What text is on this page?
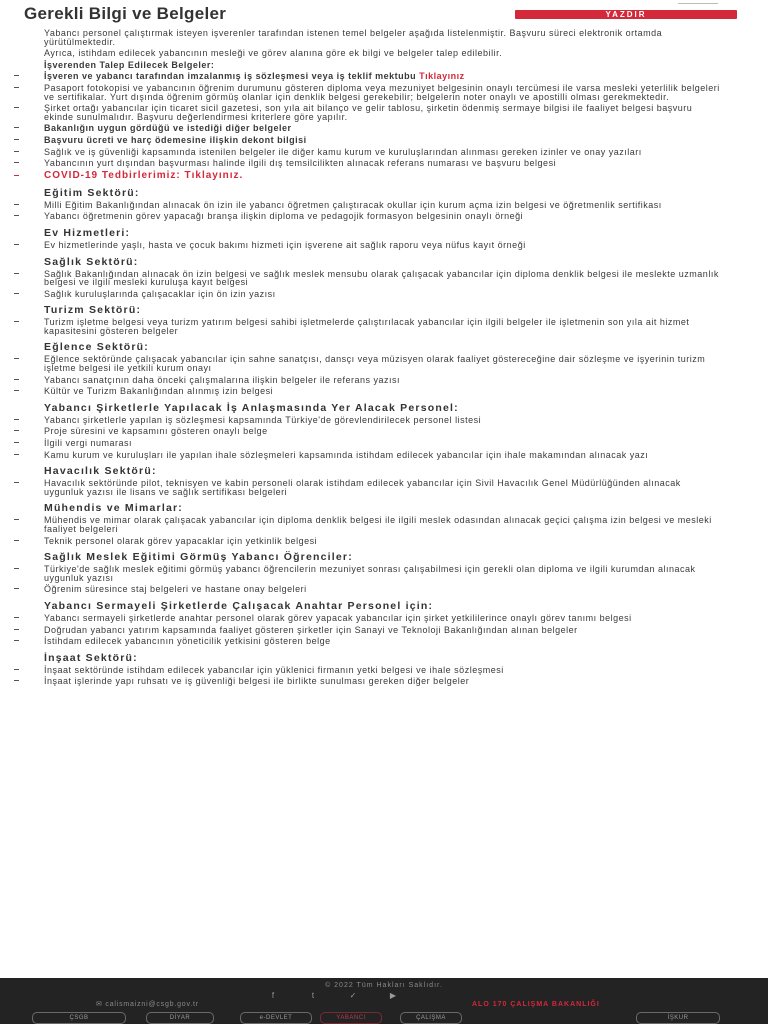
Gerekli Bilgi ve Belgeler	YAZDIR
Yabancı personel çalıştırmak isteyen işverenler tarafından istenen temel belgeler aşağıda listelenmiştir. Başvuru süreci elektronik ortamda yürütülmektedir.
Ayrıca, istihdam edilecek yabancının mesleği ve görev alanına göre ek bilgi ve belgeler talep edilebilir.
İşverenden Talep Edilecek Belgeler:
İşveren ve yabancı tarafından imzalanmış iş sözleşmesi veya iş teklif mektubu Tıklayınız
Pasaport fotokopisi ve yabancının öğrenim durumunu gösteren diploma veya mezuniyet belgesinin onaylı tercümesi ile varsa mesleki yeterlilik belgeleri ve sertifikalar. Yurt dışında öğrenim görmüş olanlar için denklik belgesi gerekebilir; belgelerin noter onaylı ve apostilli olması gerekmektedir.
Şirket ortağı yabancılar için ticaret sicil gazetesi, son yıla ait bilanço ve gelir tablosu, şirketin ödenmiş sermaye bilgisi ile faaliyet belgesi başvuru ekinde sunulmalıdır. Başvuru değerlendirmesi kriterlere göre yapılır.
Bakanlığın uygun gördüğü ve istediği diğer belgeler
Başvuru ücreti ve harç ödemesine ilişkin dekont bilgisi
Sağlık ve iş güvenliği kapsamında istenilen belgeler ile diğer kamu kurum ve kuruluşlarından alınması gereken izinler ve onay yazıları
Yabancının yurt dışından başvurması halinde ilgili dış temsilcilikten alınacak referans numarası ve başvuru belgesi
COVID-19 Tedbirlerimiz: Tıklayınız.
Eğitim Sektörü:
Milli Eğitim Bakanlığından alınacak ön izin ile yabancı öğretmen çalıştıracak okullar için kurum açma izin belgesi ve öğretmenlik sertifikası
Yabancı öğretmenin görev yapacağı branşa ilişkin diploma ve pedagojik formasyon belgesinin onaylı örneği
Ev Hizmetleri:
Ev hizmetlerinde yaşlı, hasta ve çocuk bakımı hizmeti için işverene ait sağlık raporu veya nüfus kayıt örneği
Sağlık Sektörü:
Sağlık Bakanlığından alınacak ön izin belgesi ve sağlık meslek mensubu olarak çalışacak yabancılar için diploma denklik belgesi ile meslekte uzmanlık belgesi ve ilgili mesleki kuruluşa kayıt belgesi
Sağlık kuruluşlarında çalışacaklar için ön izin yazısı
Turizm Sektörü:
Turizm işletme belgesi veya turizm yatırım belgesi sahibi işletmelerde çalıştırılacak yabancılar için ilgili belgeler ile işletmenin son yıla ait hizmet kapasitesini gösteren belgeler
Eğlence Sektörü:
Eğlence sektöründe çalışacak yabancılar için sahne sanatçısı, dansçı veya müzisyen olarak faaliyet göstereceğine dair sözleşme ve işyerinin turizm işletme belgesi ile yetkili kurum onayı
Yabancı sanatçının daha önceki çalışmalarına ilişkin belgeler ile referans yazısı
Kültür ve Turizm Bakanlığından alınmış izin belgesi
Yabancı Şirketlerle Yapılacak İş Anlaşmasında Yer Alacak Personel:
Yabancı şirketlerle yapılan iş sözleşmesi kapsamında Türkiye'de görevlendirilecek personel listesi
Proje süresini ve kapsamını gösteren onaylı belge
İlgili vergi numarası
Kamu kurum ve kuruluşları ile yapılan ihale sözleşmeleri kapsamında istihdam edilecek yabancılar için ihale makamından alınacak yazı
Havacılık Sektörü:
Havacılık sektöründe pilot, teknisyen ve kabin personeli olarak istihdam edilecek yabancılar için Sivil Havacılık Genel Müdürlüğünden alınacak uygunluk yazısı ile lisans ve sağlık sertifikası belgeleri
Mühendis ve Mimarlar:
Mühendis ve mimar olarak çalışacak yabancılar için diploma denklik belgesi ile ilgili meslek odasından alınacak geçici çalışma izin belgesi ve mesleki faaliyet belgeleri
Teknik personel olarak görev yapacaklar için yetkinlik belgesi
Sağlık Meslek Eğitimi Görmüş Yabancı Öğrenciler:
Türkiye'de sağlık meslek eğitimi görmüş yabancı öğrencilerin mezuniyet sonrası çalışabilmesi için gerekli olan diploma ve ilgili kurumdan alınacak uygunluk yazısı
Öğrenim süresince staj belgeleri ve hastane onay belgeleri
Yabancı Sermayeli Şirketlerde Çalışacak Anahtar Personel için:
Yabancı sermayeli şirketlerde anahtar personel olarak görev yapacak yabancılar için şirket yetkililerince onaylı görev tanımı belgesi
Doğrudan yabancı yatırım kapsamında faaliyet gösteren şirketler için Sanayi ve Teknoloji Bakanlığından alınan belgeler
İstihdam edilecek yabancının yöneticilik yetkisini gösteren belge
İnşaat Sektörü:
İnşaat sektöründe istihdam edilecek yabancılar için yüklenici firmanın yetki belgesi ve ihale sözleşmesi
İnşaat işlerinde yapı ruhsatı ve iş güvenliği belgesi ile birlikte sunulması gereken diğer belgeler
© 2022 Tüm Hakları Saklıdır.
f	t	✓	▶
✉ calismaizni@csgb.gov.tr	ALO 170 ÇALIŞMA BAKANLIĞI
ÇSGB	DİYAR	e-DEVLET	YABANCI	ÇALIŞMA	İŞKUR
